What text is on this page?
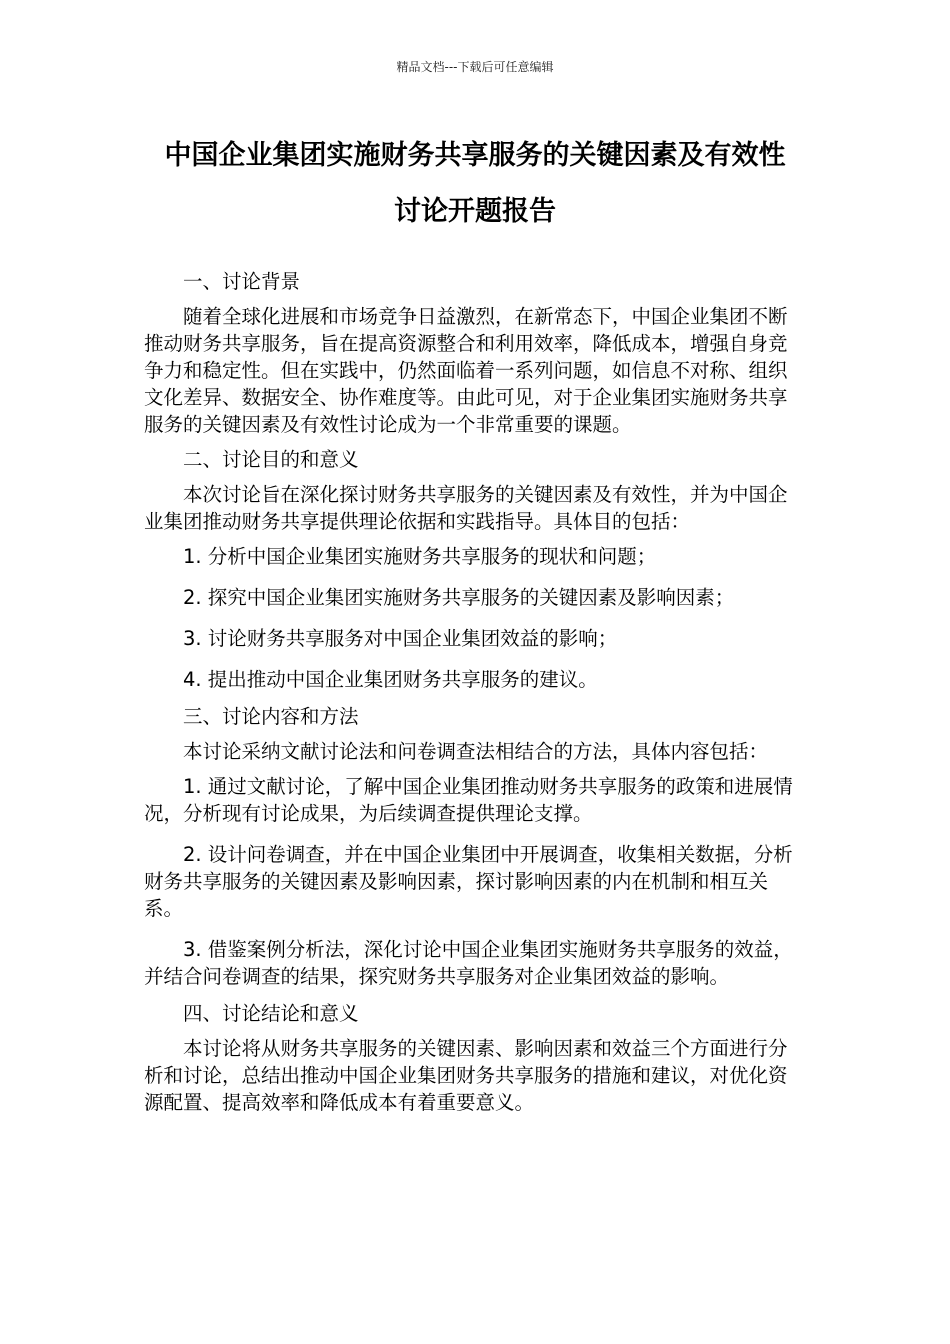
精品文档---下载后可任意编辑
中国企业集团实施财务共享服务的关键因素及有效性
讨论开题报告

一、讨论背景

随着全球化进展和市场竞争日益激烈，在新常态下，中国企业集团不断推动财务共享服务，旨在提高资源整合和利用效率，降低成本，增强自身竞争力和稳定性。但在实践中，仍然面临着一系列问题，如信息不对称、组织文化差异、数据安全、协作难度等。由此可见，对于企业集团实施财务共享服务的关键因素及有效性讨论成为一个非常重要的课题。

二、讨论目的和意义

本次讨论旨在深化探讨财务共享服务的关键因素及有效性，并为中国企业集团推动财务共享提供理论依据和实践指导。具体目的包括：

1. 分析中国企业集团实施财务共享服务的现状和问题；

2. 探究中国企业集团实施财务共享服务的关键因素及影响因素；

3. 讨论财务共享服务对中国企业集团效益的影响；

4. 提出推动中国企业集团财务共享服务的建议。

三、讨论内容和方法

本讨论采纳文献讨论法和问卷调查法相结合的方法，具体内容包括：

1. 通过文献讨论，了解中国企业集团推动财务共享服务的政策和进展情况，分析现有讨论成果，为后续调查提供理论支撑。

2. 设计问卷调查，并在中国企业集团中开展调查，收集相关数据，分析财务共享服务的关键因素及影响因素，探讨影响因素的内在机制和相互关系。

3. 借鉴案例分析法，深化讨论中国企业集团实施财务共享服务的效益，并结合问卷调查的结果，探究财务共享服务对企业集团效益的影响。

四、讨论结论和意义

本讨论将从财务共享服务的关键因素、影响因素和效益三个方面进行分析和讨论，总结出推动中国企业集团财务共享服务的措施和建议，对优化资源配置、提高效率和降低成本有着重要意义。
